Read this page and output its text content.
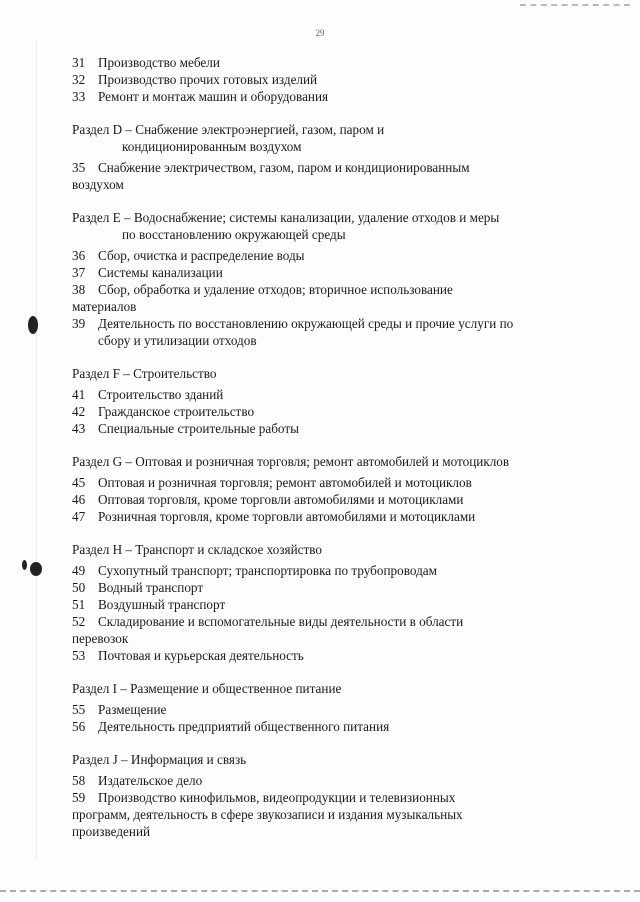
29
31 Производство мебели
32 Производство прочих готовых изделий
33 Ремонт и монтаж машин и оборудования
Раздел D – Снабжение электроэнергией, газом, паром и
кондиционированным воздухом
35 Снабжение электричеством, газом, паром и кондиционированным
воздухом
Раздел E – Водоснабжение; системы канализации, удаление отходов и меры
по восстановлению окружающей среды
36 Сбор, очистка и распределение воды
37 Системы канализации
38 Сбор, обработка и удаление отходов; вторичное использование
материалов
39 Деятельность по восстановлению окружающей среды и прочие услуги по
сбору и утилизации отходов
Раздел F – Строительство
41 Строительство зданий
42 Гражданское строительство
43 Специальные строительные работы
Раздел G – Оптовая и розничная торговля; ремонт автомобилей и мотоциклов
45 Оптовая и розничная торговля; ремонт автомобилей и мотоциклов
46 Оптовая торговля, кроме торговли автомобилями и мотоциклами
47 Розничная торговля, кроме торговли автомобилями и мотоциклами
Раздел H – Транспорт и складское хозяйство
49 Сухопутный транспорт; транспортировка по трубопроводам
50 Водный транспорт
51 Воздушный транспорт
52 Складирование и вспомогательные виды деятельности в области
перевозок
53 Почтовая и курьерская деятельность
Раздел I – Размещение и общественное питание
55 Размещение
56 Деятельность предприятий общественного питания
Раздел J – Информация и связь
58 Издательское дело
59 Производство кинофильмов, видеопродукции и телевизионных
программ, деятельность в сфере звукозаписи и издания музыкальных
произведений
